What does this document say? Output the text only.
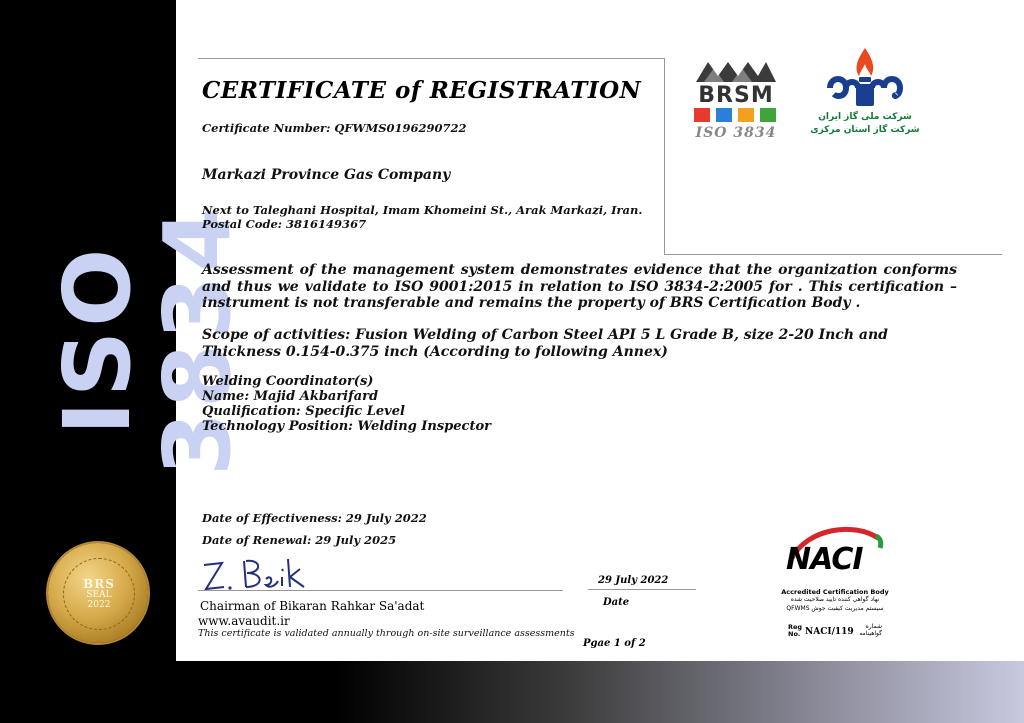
ISO 3834
BRS
SEAL
2022
CERTIFICATE of REGISTRATION
Certificate Number: QFWMS0196290722
Markazi Province Gas Company
Next to Taleghani Hospital, Imam Khomeini St., Arak Markazi, Iran.
Postal Code: 3816149367
Assessment of the management system demonstrates evidence that the organization conforms and thus we validate to ISO 9001:2015 in relation to ISO 3834-2:2005 for . This certification – instrument is not transferable and remains the property of BRS Certification Body .
Scope of activities: Fusion Welding of Carbon Steel API 5 L Grade B, size 2-20 Inch and Thickness 0.154-0.375 inch (According to following Annex)
Welding Coordinator(s)
Name: Majid Akbarifard
Qualification: Specific Level
Technology Position: Welding Inspector
Date of Effectiveness: 29 July 2022
Date of Renewal: 29 July 2025
Chairman of Bikaran Rahkar Sa'adat
www.avaudit.ir
This certificate is validated annually through on-site surveillance assessments
29 July 2022
Date
Pgae 1 of 2
BRSM
ISO 3834
شرکت ملی گاز ایران
شرکت گاز استان مرکزی
NACI
Accredited Certification Body
نهاد گواهی کننده تایید صلاحیت شده
QFWMS سیستم مدیریت کیفیت جوش
Reg No. NACI/119
شماره گواهینامه
